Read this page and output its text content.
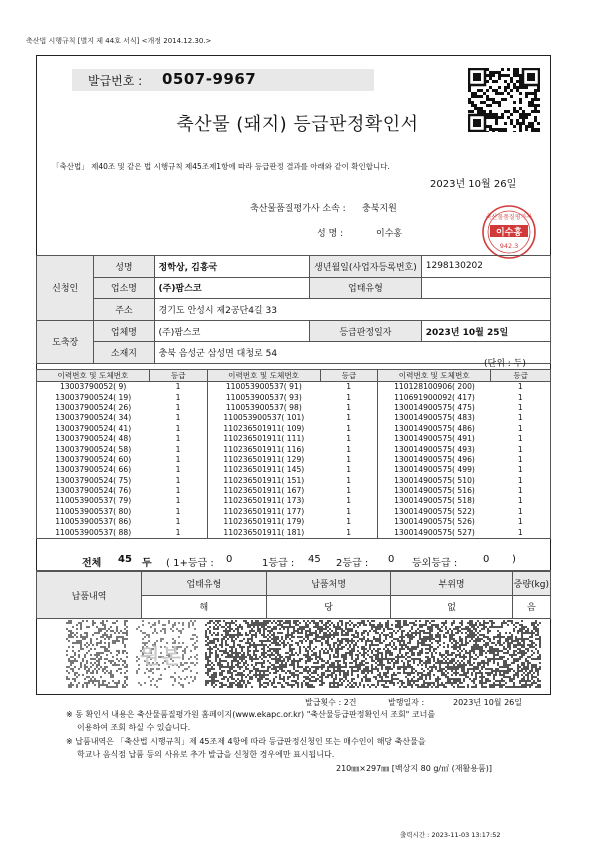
축산법 시행규칙 [별지 제 44호 서식] <개정 2014.12.30.>
발급번호 : 0507-9967
축산물 (돼지) 등급판정확인서
「축산법」 제40조 및 같은 법 시행규칙 제45조제1항에 따라 등급판정 결과를 아래와 같이 확인합니다.
2023년 10월 26일
축산물품질평가사 소속 : 충북지원
성 명 :	이수홍
축산물품질평가사
이수홍
942.3
신청인	성명	정학상, 김홍국	생년월일(사업자등록번호)	1298130202
	업소명	(주)팜스코	업태유형	
	주소	경기도 안성시 제2공단4길 33		
도축장	업체명	(주)팜스코	등급판정일자	2023년 10월 25일
	소재지	충북 음성군 삼성면 대청로 54		
(단위 : 두)
이력번호 및 도체번호	등급	이력번호 및 도체번호	등급	이력번호 및 도체번호	등급
13003790052( 9)	1	110053900537( 91)	1	110128100906( 200)	1
130037900524( 19)	1	110053900537( 93)	1	110691900092( 417)	1
130037900524( 26)	1	110053900537( 98)	1	130014900575( 475)	1
130037900524( 34)	1	110053900537( 101)	1	130014900575( 483)	1
130037900524( 41)	1	110236501911( 109)	1	130014900575( 486)	1
130037900524( 48)	1	110236501911( 111)	1	130014900575( 491)	1
130037900524( 58)	1	110236501911( 116)	1	130014900575( 493)	1
130037900524( 60)	1	110236501911( 129)	1	130014900575( 496)	1
130037900524( 66)	1	110236501911( 145)	1	130014900575( 499)	1
130037900524( 75)	1	110236501911( 151)	1	130014900575( 510)	1
130037900524( 76)	1	110236501911( 167)	1	130014900575( 516)	1
110053900537( 79)	1	110236501911( 173)	1	130014900575( 518)	1
110053900537( 80)	1	110236501911( 177)	1	130014900575( 522)	1
110053900537( 86)	1	110236501911( 179)	1	130014900575( 526)	1
110053900537( 88)	1	110236501911( 181)	1	130014900575( 527)	1
전체 45 두 ( 1+등급 : 0	1등급 : 45 2등급 : 0 등외등급 :	0 )
납품내역	업태유형	납품처명	부위명	중량(kg)
	해	당	없	음
원본
발급횟수 : 2건	발행일자 :	2023년 10월 26일
※ 동 확인서 내용은 축산물품질평가원 홈페이지(www.ekapc.or.kr) "축산물등급판정확인서 조회" 코너를
이용하여 조회 하실 수 있습니다.
※ 납품내역은 「축산법 시행규칙」제 45조제 4항에 따라 등급판정신청인 또는 매수인이 해당 축산물을
학교나 음식점 납품 등의 사유로 추가 발급을 신청한 경우에만 표시됩니다.
210㎜×297㎜ [백상지 80 g/㎡ (재활용품)]
출력시간 : 2023-11-03 13:17:52
